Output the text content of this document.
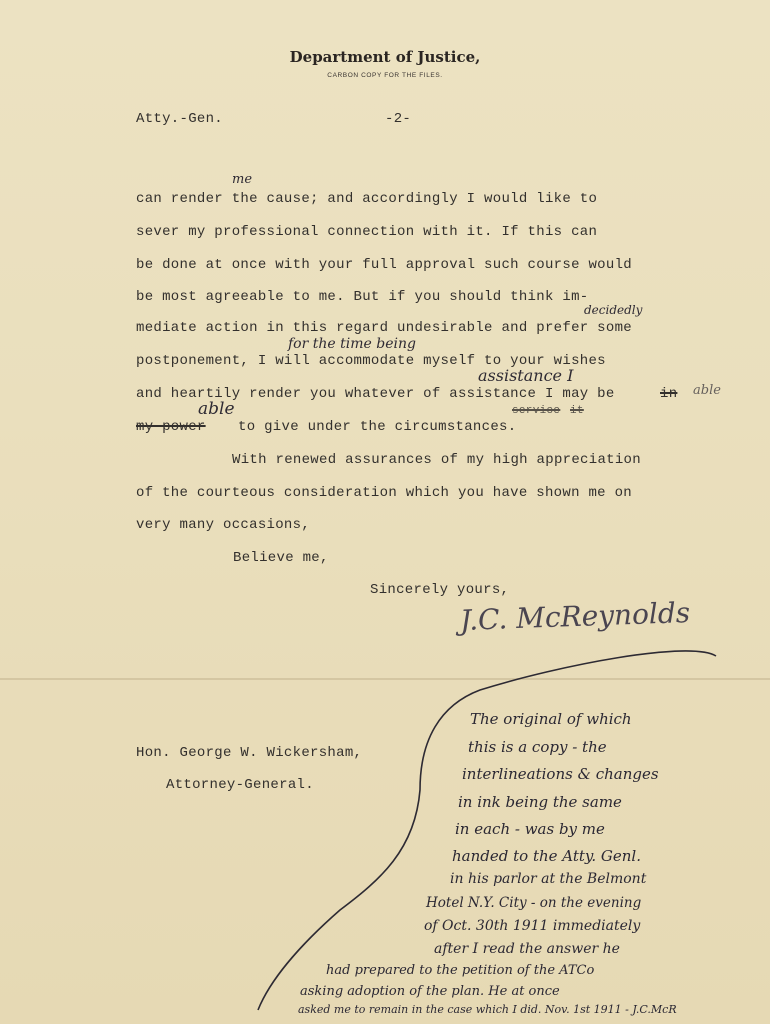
Department of Justice,
CARBON COPY FOR THE FILES.
Atty.-Gen.	-2-
can render the cause; and accordingly I would like to
sever my professional connection with it. If this can
be done at once with your full approval such course would
be most agreeable to me. But if you should think im-
mediate action in this regard undesirable and prefer some
postponement, I will accommodate myself to your wishes
and heartily render you whatever of assistance I may be
to give under the circumstances.
With renewed assurances of my high appreciation
of the courteous consideration which you have shown me on
very many occasions,
service it
in
my power
me
decidedly
for the time being
assistance I
able
able
Believe me,
Sincerely yours,
J.C. McReynolds
Hon. George W. Wickersham,
Attorney-General.
The original of which
this is a copy - the
interlineations & changes
in ink being the same
in each - was by me
handed to the Atty. Genl.
in his parlor at the Belmont
Hotel N.Y. City - on the evening
of Oct. 30th 1911 immediately
after I read the answer he
had prepared to the petition of the ATCo
asking adoption of the plan. He at once
asked me to remain in the case which I did. Nov. 1st 1911 - J.C.McR
